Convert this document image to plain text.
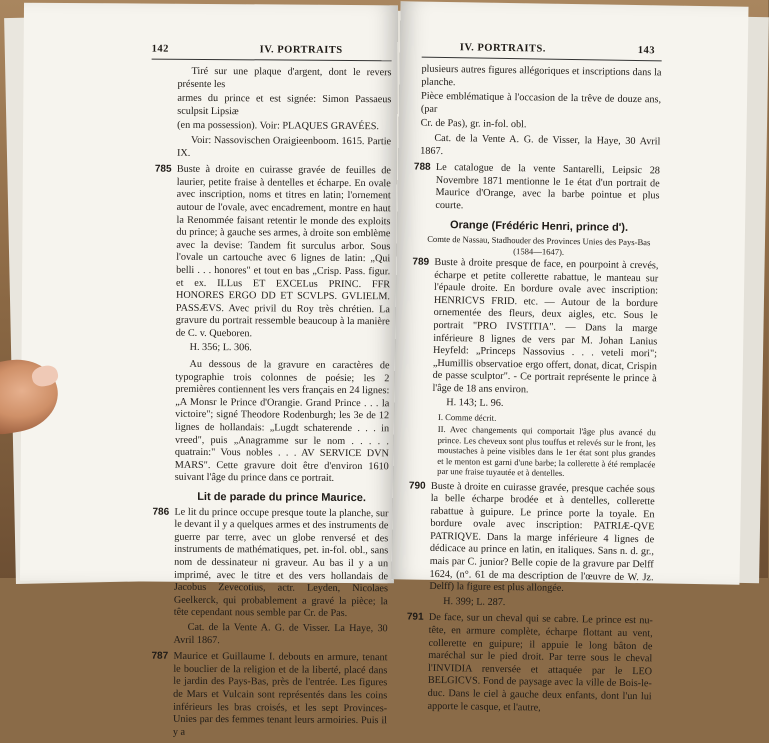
142	IV. PORTRAITS
Tiré sur une plaque d'argent, dont le revers présente les
armes du prince et est signée: Simon Passaeus sculpsit Lipsiæ
(en ma possession). Voir: PLAQUES GRAVÉES.
Voir: Nassovischen Oraigieenboom. 1615. Partie IX.
785 Buste à droite en cuirasse gravée de feuilles de laurier, petite fraise à dentelles et écharpe. En ovale avec inscription, noms et titres en latin; l'ornement autour de l'ovale, avec encadrement, montre en haut la Renommée faisant retentir le monde des exploits du prince; à gauche ses armes, à droite son emblème avec la devise: Tandem fit surculus arbor. Sous l'ovale un cartouche avec 6 lignes de latin: „Qui belli . . . honores" et tout en bas „Crisp. Pass. figur. et ex. ILLus ET EXCELus PRINC. FFR HONORES ERGO DD ET SCVLPS. GVLIELM. PASSÆVS. Avec privil du Roy très chrétien. La gravure du portrait ressemble beaucoup à la manière de C. v. Queboren.
H. 356; L. 306.
Au dessous de la gravure en caractères de typographie trois colonnes de poésie; les 2 premières contiennent les vers français en 24 lignes: „A Monsr le Prince d'Orangie. Grand Prince . . . la victoire"; signé Theodore Rodenburgh; les 3e de 12 lignes de hollandais: „Lugdt schaterende . . . in vreed", puis „Anagramme sur le nom . . . . . quatrain:" Vous nobles . . . AV SERVICE DVN MARS". Cette gravure doit être d'environ 1610 suivant l'âge du prince dans ce portrait.
Lit de parade du prince Maurice.
786 Le lit du prince occupe presque toute la planche, sur le devant il y a quelques armes et des instruments de guerre par terre, avec un globe renversé et des instruments de mathématiques, pet. in-fol. obl., sans nom de dessinateur ni graveur. Au bas il y a un imprimé, avec le titre et des vers hollandais de Jacobus Zevecotius, actr. Leyden, Nicolaes Geelkerck, qui probablement a gravé la pièce; la tête cependant nous semble par Cr. de Pas.
Cat. de la Vente A. G. de Visser. La Haye, 30 Avril 1867.
787 Maurice et Guillaume I. debouts en armure, tenant le bouclier de la religion et de la liberté, placé dans le jardin des Pays-Bas, près de l'entrée. Les figures de Mars et Vulcain sont représentés dans les coins inférieurs les bras croisés, et les sept Provinces-Unies par des femmes tenant leurs armoiries. Puis il y a
IV. PORTRAITS.	143
plusieurs autres figures allégoriques et inscriptions dans la planche.
Pièce emblématique à l'occasion de la trêve de douze ans, (par
Cr. de Pas), gr. in-fol. obl.
Cat. de la Vente A. G. de Visser, la Haye, 30 Avril 1867.
788 Le catalogue de la vente Santarelli, Leipsic 28 Novembre 1871 mentionne le 1e état d'un portrait de Maurice d'Orange, avec la barbe pointue et plus courte.
Orange (Frédéric Henri, prince d').
Comte de Nassau, Stadhouder des Provinces Unies des Pays-Bas (1584—1647).
789 Buste à droite presque de face, en pourpoint à crevés, écharpe et petite collerette rabattue, le manteau sur l'épaule droite. En bordure ovale avec inscription: HENRICVS FRID. etc. — Autour de la bordure ornementée des fleurs, deux aigles, etc. Sous le portrait "PRO IVSTITIA". — Dans la marge inférieure 8 lignes de vers par M. Johan Lanius Heyfeld: „Princeps Nassovius . . . veteli mori"; „Humillis observatioe ergo offert, donat, dicat, Crispin de passe sculptor". - Ce portrait représente le prince à l'âge de 18 ans environ.
H. 143; L. 96.
I. Comme décrit.
II. Avec changements qui comportait l'âge plus avancé du prince. Les cheveux sont plus touffus et relevés sur le front, les moustaches à peine visibles dans le 1er état sont plus grandes et le menton est garni d'une barbe; la collerette à été remplacée par une fraise tuyautée et à dentelles.
790 Buste à droite en cuirasse gravée, presque cachée sous la belle écharpe brodée et à dentelles, collerette rabattue à guipure. Le prince porte la toyale. En bordure ovale avec inscription: PATRIÆ-QVE PATRIQVE. Dans la marge inférieure 4 lignes de dédicace au prince en latin, en italiques. Sans n. d. gr., mais par C. junior? Belle copie de la gravure par Delff 1624, (n°. 61 de ma description de l'œuvre de W. Jz. Delff) la figure est plus allongée.
H. 399; L. 287.
791 De face, sur un cheval qui se cabre. Le prince est nu-tête, en armure complète, écharpe flottant au vent, collerette en guipure; il appuie le long bâton de maréchal sur le pied droit. Par terre sous le cheval l'INVIDIA renversée et attaquée par le LEO BELGICVS. Fond de paysage avec la ville de Bois-le-duc. Dans le ciel à gauche deux enfants, dont l'un lui apporte le casque, et l'autre,
